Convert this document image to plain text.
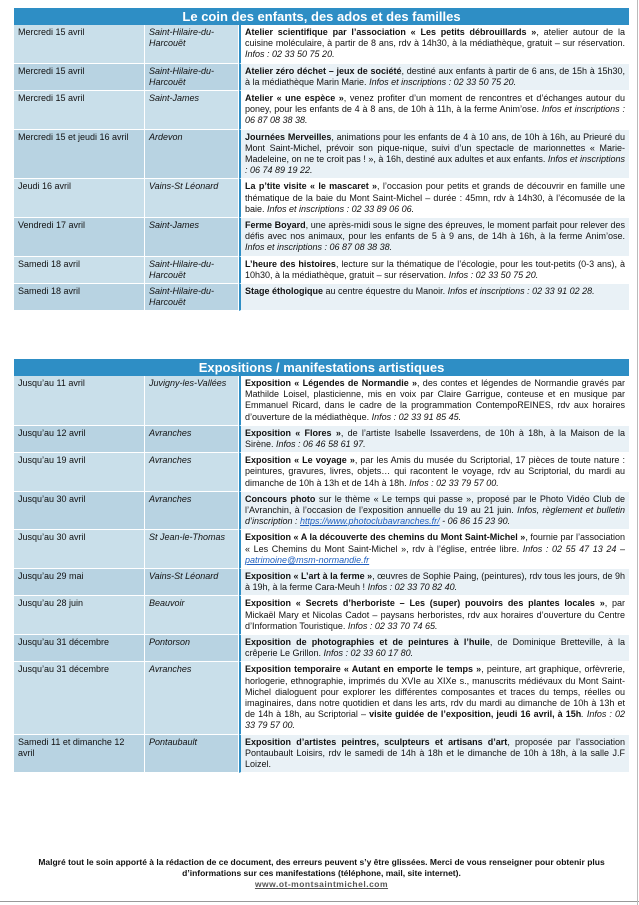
Le coin des enfants, des ados et des familles
Mercredi 15 avril	Saint-Hilaire-du-Harcouët	Atelier scientifique par l’association « Les petits débrouillards », atelier autour de la cuisine moléculaire, à partir de 8 ans, rdv à 14h30, à la médiathèque, gratuit – sur réservation. Infos : 02 33 50 75 20.
Mercredi 15 avril	Saint-Hilaire-du-Harcouët	Atelier zéro déchet – jeux de société, destiné aux enfants à partir de 6 ans, de 15h à 15h30, à la médiathèque Marin Marie. Infos et inscriptions : 02 33 50 75 20.
Mercredi 15 avril	Saint-James	Atelier « une espèce », venez profiter d’un moment de rencontres et d’échanges autour du poney, pour les enfants de 4 à 8 ans, de 10h à 11h, à la ferme Anim’ose. Infos et inscriptions : 06 87 08 38 38.
Mercredi 15 et jeudi 16 avril	Ardevon	Journées Merveilles, animations pour les enfants de 4 à 10 ans, de 10h à 16h, au Prieuré du Mont Saint-Michel, prévoir son pique-nique, suivi d’un spectacle de marionnettes « Marie-Madeleine, on ne te croit pas ! », à 16h, destiné aux adultes et aux enfants. Infos et inscriptions : 06 74 89 19 22.
Jeudi 16 avril	Vains-St Léonard	La p’tite visite « le mascaret », l’occasion pour petits et grands de découvrir en famille une thématique de la baie du Mont Saint-Michel – durée : 45mn, rdv à 14h30, à l’écomusée de la baie. Infos et inscriptions : 02 33 89 06 06.
Vendredi 17 avril	Saint-James	Ferme Boyard, une après-midi sous le signe des épreuves, le moment parfait pour relever des défis avec nos animaux, pour les enfants de 5 à 9 ans, de 14h à 16h, à la ferme Anim’ose. Infos et inscriptions : 06 87 08 38 38.
Samedi 18 avril	Saint-Hilaire-du-Harcouët	L’heure des histoires, lecture sur la thématique de l’écologie, pour les tout-petits (0-3 ans), à 10h30, à la médiathèque, gratuit – sur réservation. Infos : 02 33 50 75 20.
Samedi 18 avril	Saint-Hilaire-du-Harcouët	Stage éthologique au centre équestre du Manoir. Infos et inscriptions : 02 33 91 02 28.
Expositions / manifestations artistiques
Jusqu’au 11 avril	Juvigny-les-Vallées	Exposition « Légendes de Normandie », des contes et légendes de Normandie gravés par Mathilde Loisel, plasticienne, mis en voix par Claire Garrigue, conteuse et en musique par Emmanuel Ricard, dans le cadre de la programmation ContempoREINES, rdv aux horaires d’ouverture de la médiathèque. Infos : 02 33 91 85 45.
Jusqu’au 12 avril	Avranches	Exposition « Flores », de l’artiste Isabelle Issaverdens, de 10h à 18h, à la Maison de la Sirène. Infos : 06 46 58 61 97.
Jusqu’au 19 avril	Avranches	Exposition « Le voyage », par les Amis du musée du Scriptorial, 17 pièces de toute nature : peintures, gravures, livres, objets… qui racontent le voyage, rdv au Scriptorial, du mardi au dimanche de 10h à 13h et de 14h à 18h. Infos : 02 33 79 57 00.
Jusqu’au 30 avril	Avranches	Concours photo sur le thème « Le temps qui passe », proposé par le Photo Vidéo Club de l’Avranchin, à l’occasion de l’exposition annuelle du 19 au 21 juin. Infos, règlement et bulletin d’inscription : https://www.photoclubavranches.fr/ - 06 86 15 23 90.
Jusqu’au 30 avril	St Jean-le-Thomas	Exposition « A la découverte des chemins du Mont Saint-Michel », fournie par l’association « Les Chemins du Mont Saint-Michel », rdv à l’église, entrée libre. Infos : 02 55 47 13 24 – patrimoine@msm-normandie.fr
Jusqu’au 29 mai	Vains-St Léonard	Exposition « L’art à la ferme », œuvres de Sophie Paing, (peintures), rdv tous les jours, de 9h à 19h, à la ferme Cara-Meuh ! Infos : 02 33 70 82 40.
Jusqu’au 28 juin	Beauvoir	Exposition « Secrets d’herboriste – Les (super) pouvoirs des plantes locales », par Mickaël Mary et Nicolas Cadot – paysans herboristes, rdv aux horaires d’ouverture du Centre d’Information Touristique. Infos : 02 33 70 74 65.
Jusqu’au 31 décembre	Pontorson	Exposition de photographies et de peintures à l’huile, de Dominique Bretteville, à la crêperie Le Grillon. Infos : 02 33 60 17 80.
Jusqu’au 31 décembre	Avranches	Exposition temporaire « Autant en emporte le temps », peinture, art graphique, orfèvrerie, horlogerie, ethnographie, imprimés du XVIe au XIXe s., manuscrits médiévaux du Mont Saint-Michel dialoguent pour explorer les différentes composantes et traces du temps, réelles ou imaginaires, dans notre quotidien et dans les arts, rdv du mardi au dimanche de 10h à 13h et de 14h à 18h, au Scriptorial – visite guidée de l’exposition, jeudi 16 avril, à 15h. Infos : 02 33 79 57 00.
Samedi 11 et dimanche 12 avril	Pontaubault	Exposition d’artistes peintres, sculpteurs et artisans d’art, proposée par l’association Pontaubault Loisirs, rdv le samedi de 14h à 18h et le dimanche de 10h à 18h, à la salle J.F Loizel.
Malgré tout le soin apporté à la rédaction de ce document, des erreurs peuvent s’y être glissées. Merci de vous renseigner pour obtenir plus d’informations sur ces manifestations (téléphone, mail, site internet).
www.ot-montsaintmichel.com
